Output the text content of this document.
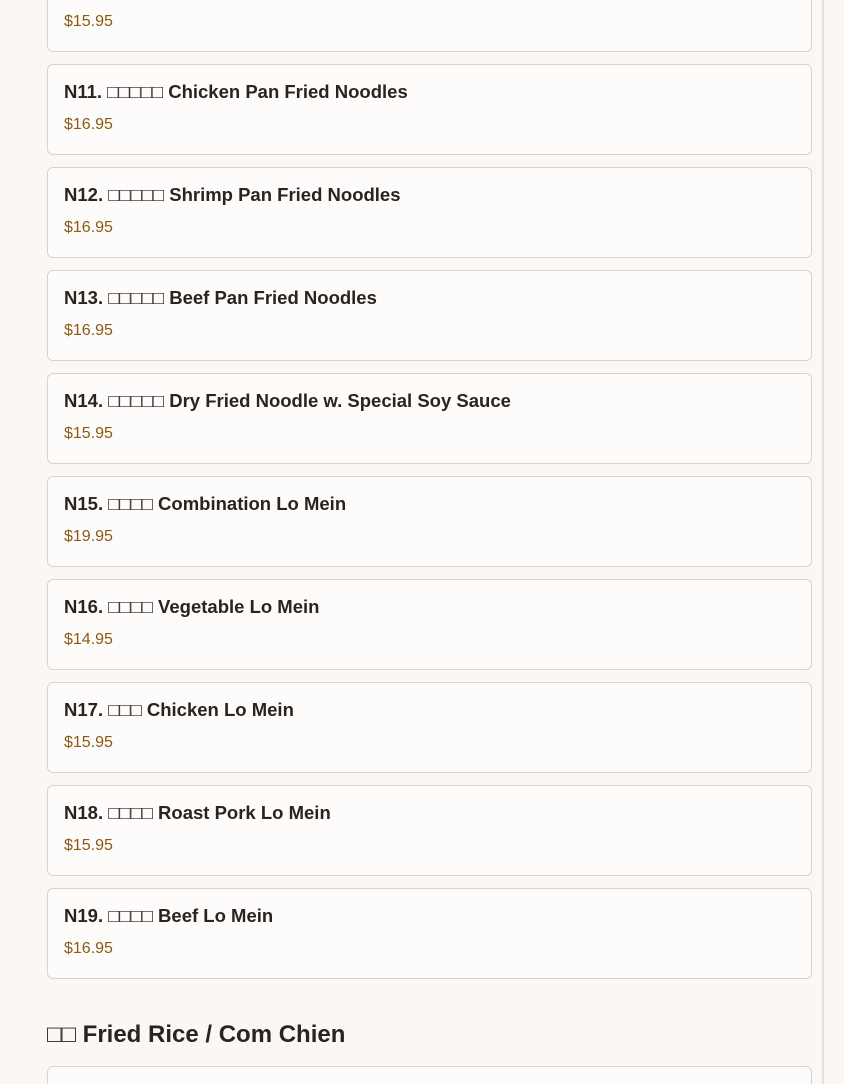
$15.95
N11. □□□□□ Chicken Pan Fried Noodles
$16.95
N12. □□□□□ Shrimp Pan Fried Noodles
$16.95
N13. □□□□□ Beef Pan Fried Noodles
$16.95
N14. □□□□□ Dry Fried Noodle w. Special Soy Sauce
$15.95
N15. □□□□ Combination Lo Mein
$19.95
N16. □□□□ Vegetable Lo Mein
$14.95
N17. □□□ Chicken Lo Mein
$15.95
N18. □□□□ Roast Pork Lo Mein
$15.95
N19. □□□□ Beef Lo Mein
$16.95
□□ Fried Rice / Com Chien
